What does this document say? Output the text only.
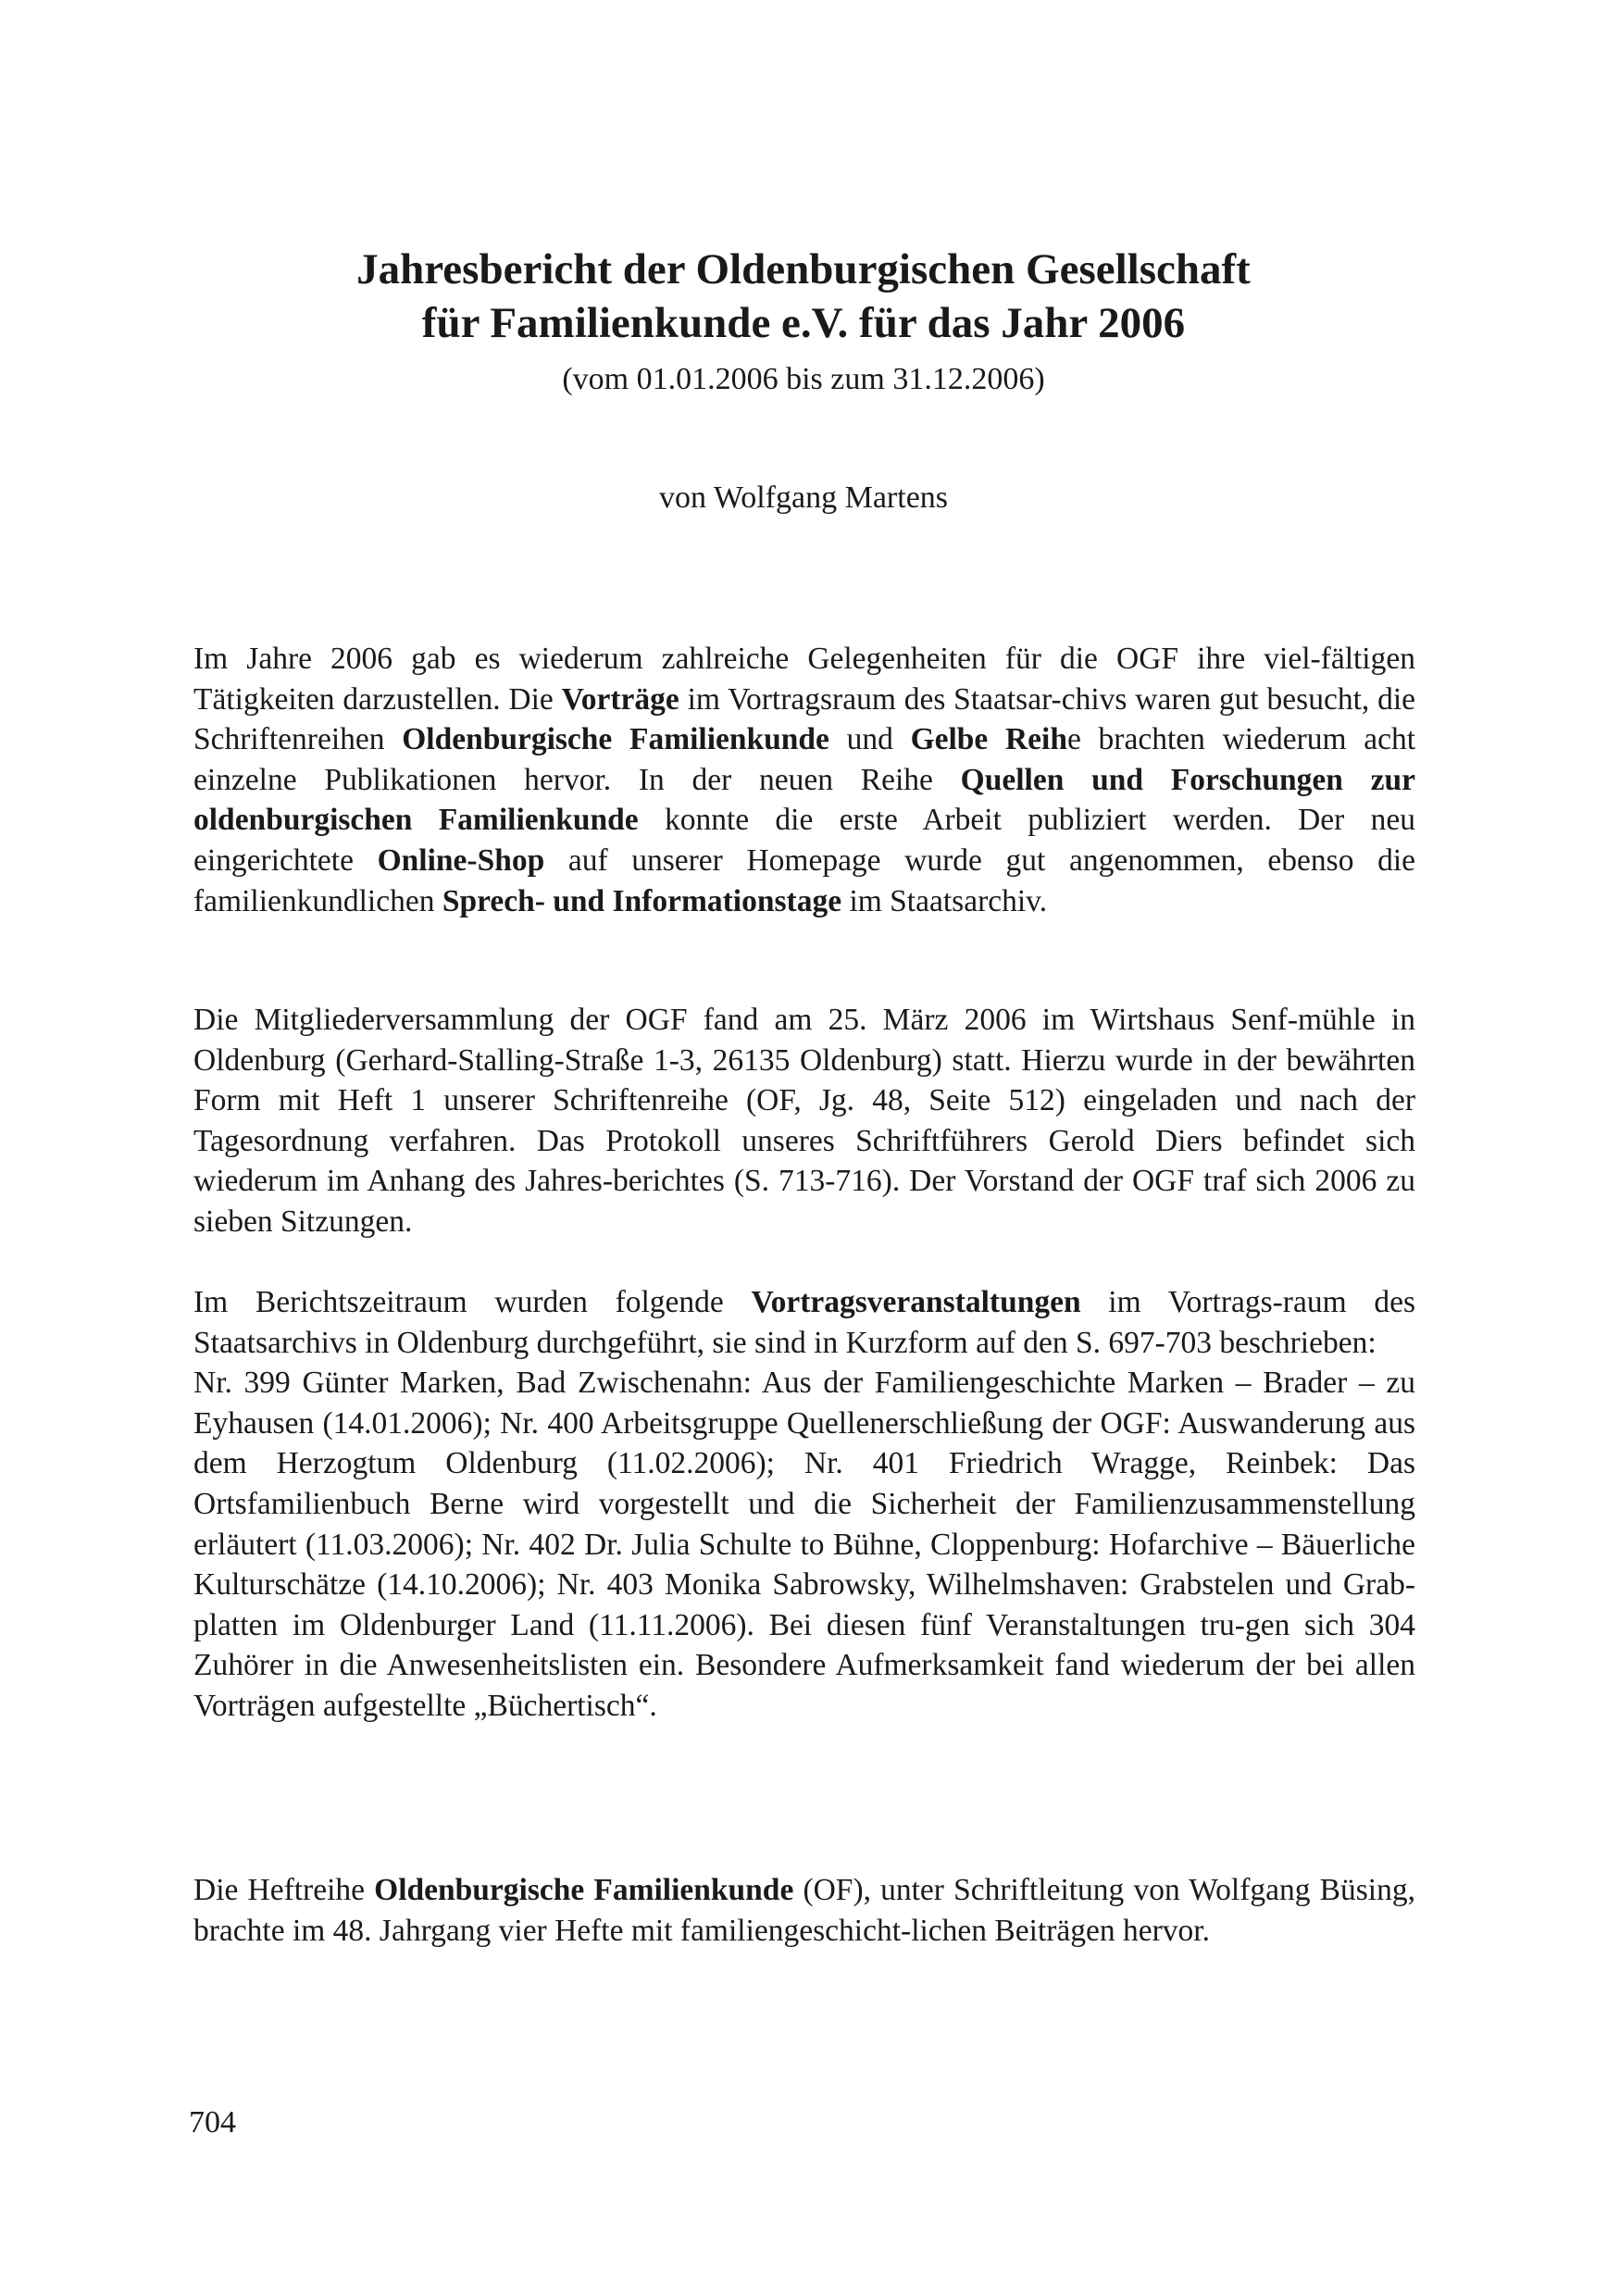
Jahresbericht der Oldenburgischen Gesellschaft
für Familienkunde e.V. für das Jahr 2006

(vom 01.01.2006 bis zum 31.12.2006)

von Wolfgang Martens

Im Jahre 2006 gab es wiederum zahlreiche Gelegenheiten für die OGF ihre viel-fältigen Tätigkeiten darzustellen. Die Vorträge im Vortragsraum des Staatsar-chivs waren gut besucht, die Schriftenreihen Oldenburgische Familienkunde und Gelbe Reihe brachten wiederum acht einzelne Publikationen hervor. In der neuen Reihe Quellen und Forschungen zur oldenburgischen Familienkunde konnte die erste Arbeit publiziert werden. Der neu eingerichtete Online-Shop auf unserer Homepage wurde gut angenommen, ebenso die familienkundlichen Sprech- und Informationstage im Staatsarchiv.

Die Mitgliederversammlung der OGF fand am 25. März 2006 im Wirtshaus Senf-mühle in Oldenburg (Gerhard-Stalling-Straße 1-3, 26135 Oldenburg) statt. Hierzu wurde in der bewährten Form mit Heft 1 unserer Schriftenreihe (OF, Jg. 48, Seite 512) eingeladen und nach der Tagesordnung verfahren. Das Protokoll unseres Schriftführers Gerold Diers befindet sich wiederum im Anhang des Jahres-berichtes (S. 713-716). Der Vorstand der OGF traf sich 2006 zu sieben Sitzungen.

Im Berichtszeitraum wurden folgende Vortragsveranstaltungen im Vortrags-raum des Staatsarchivs in Oldenburg durchgeführt, sie sind in Kurzform auf den S. 697-703 beschrieben:
Nr. 399 Günter Marken, Bad Zwischenahn: Aus der Familiengeschichte Marken – Brader – zu Eyhausen (14.01.2006); Nr. 400 Arbeitsgruppe Quellenerschließung der OGF: Auswanderung aus dem Herzogtum Oldenburg (11.02.2006); Nr. 401 Friedrich Wragge, Reinbek: Das Ortsfamilienbuch Berne wird vorgestellt und die Sicherheit der Familienzusammenstellung erläutert (11.03.2006); Nr. 402 Dr. Julia Schulte to Bühne, Cloppenburg: Hofarchive – Bäuerliche Kulturschätze (14.10.2006); Nr. 403 Monika Sabrowsky, Wilhelmshaven: Grabstelen und Grab-platten im Oldenburger Land (11.11.2006). Bei diesen fünf Veranstaltungen tru-gen sich 304 Zuhörer in die Anwesenheitslisten ein. Besondere Aufmerksamkeit fand wiederum der bei allen Vorträgen aufgestellte „Büchertisch“.

Die Heftreihe Oldenburgische Familienkunde (OF), unter Schriftleitung von Wolfgang Büsing, brachte im 48. Jahrgang vier Hefte mit familiengeschicht-lichen Beiträgen hervor.

704
